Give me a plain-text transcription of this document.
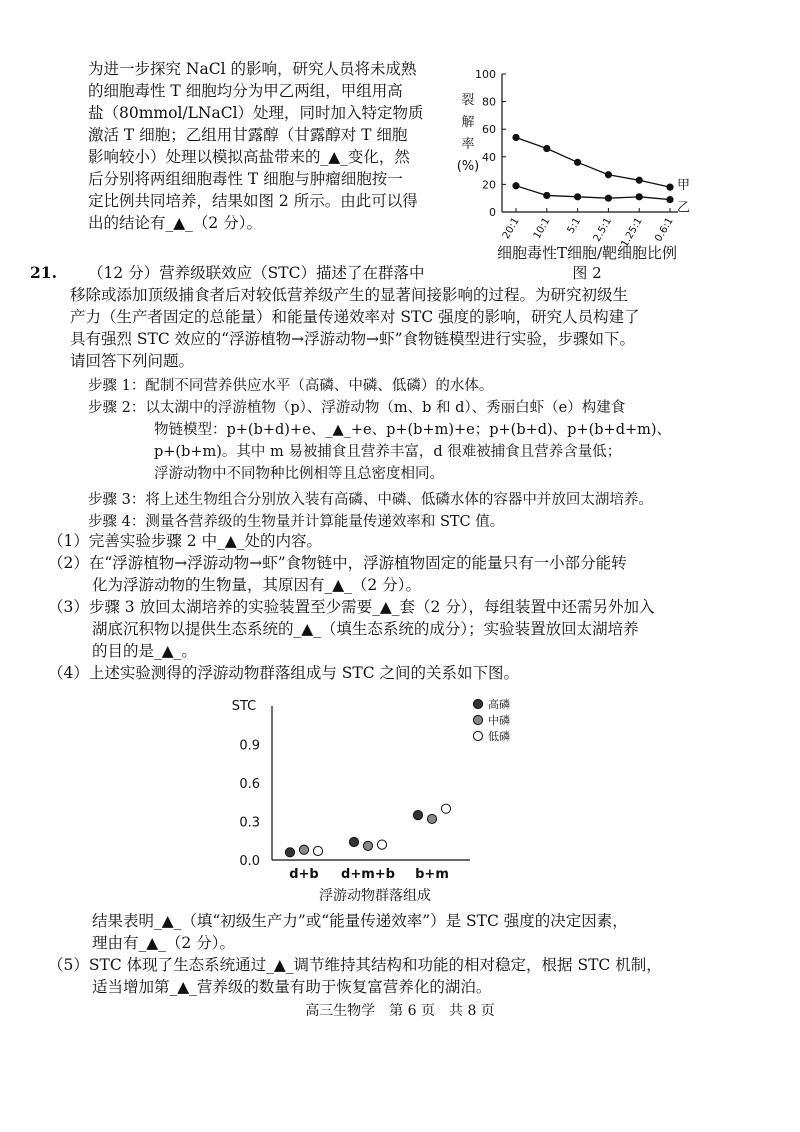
为进一步探究 NaCl 的影响，研究人员将未成熟

的细胞毒性 T 细胞均分为甲乙两组，甲组用高

盐（80mmol/LNaCl）处理，同时加入特定物质

激活 T 细胞；乙组用甘露醇（甘露醇对 T 细胞

影响较小）处理以模拟高盐带来的_▲_变化，然

后分别将两组细胞毒性 T 细胞与肿瘤细胞按一

定比例共同培养，结果如图 2 所示。由此可以得

出的结论有_▲_（2 分）。

0
20
40
60
80
100
裂
解
率
(%)
20:1 10:1 5:1 2.5:1 1.25:1 0.6:1
甲
乙
细胞毒性T细胞/靶细胞比例
图 2

21. （12 分）营养级联效应（STC）描述了在群落中

移除或添加顶级捕食者后对较低营养级产生的显著间接影响的过程。为研究初级生

产力（生产者固定的总能量）和能量传递效率对 STC 强度的影响，研究人员构建了

具有强烈 STC 效应的“浮游植物→浮游动物→虾”食物链模型进行实验，步骤如下。

请回答下列问题。

步骤 1：配制不同营养供应水平（高磷、中磷、低磷）的水体。

步骤 2：以太湖中的浮游植物（p）、浮游动物（m、b 和 d）、秀丽白虾（e）构建食

物链模型：p+(b+d)+e、_▲_+e、p+(b+m)+e；p+(b+d)、p+(b+d+m)、

p+(b+m)。其中 m 易被捕食且营养丰富，d 很难被捕食且营养含量低；

浮游动物中不同物种比例相等且总密度相同。

步骤 3：将上述生物组合分别放入装有高磷、中磷、低磷水体的容器中并放回太湖培养。

步骤 4：测量各营养级的生物量并计算能量传递效率和 STC 值。

（1）完善实验步骤 2 中_▲_处的内容。

（2）在“浮游植物→浮游动物→虾”食物链中，浮游植物固定的能量只有一小部分能转

化为浮游动物的生物量，其原因有_▲_（2 分）。

（3）步骤 3 放回太湖培养的实验装置至少需要_▲_套（2 分），每组装置中还需另外加入

湖底沉积物以提供生态系统的_▲_（填生态系统的成分）；实验装置放回太湖培养

的目的是_▲_。

（4）上述实验测得的浮游动物群落组成与 STC 之间的关系如下图。

STC
0.0
0.3
0.6
0.9
d+b d+m+b b+m
浮游动物群落组成
高磷
中磷
低磷

结果表明_▲_（填“初级生产力”或“能量传递效率”）是 STC 强度的决定因素，

理由有_▲_（2 分）。

（5）STC 体现了生态系统通过_▲_调节维持其结构和功能的相对稳定，根据 STC 机制，

适当增加第_▲_营养级的数量有助于恢复富营养化的湖泊。

高三生物学　第 6 页　共 8 页
